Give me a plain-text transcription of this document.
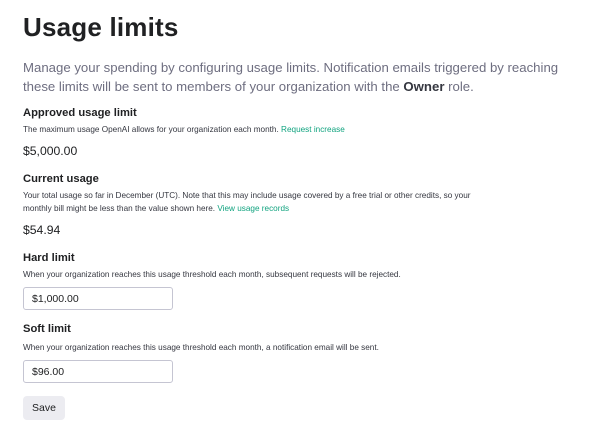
Usage limits

Manage your spending by configuring usage limits. Notification emails triggered by reaching these limits will be sent to members of your organization with the Owner role.

Approved usage limit

The maximum usage OpenAI allows for your organization each month. Request increase

$5,000.00
Current usage

Your total usage so far in December (UTC). Note that this may include usage covered by a free trial or other credits, so your monthly bill might be less than the value shown here. View usage records

$54.94
Hard limit

When your organization reaches this usage threshold each month, subsequent requests will be rejected.

$1,000.00
Soft limit

When your organization reaches this usage threshold each month, a notification email will be sent.

$96.00
Save
